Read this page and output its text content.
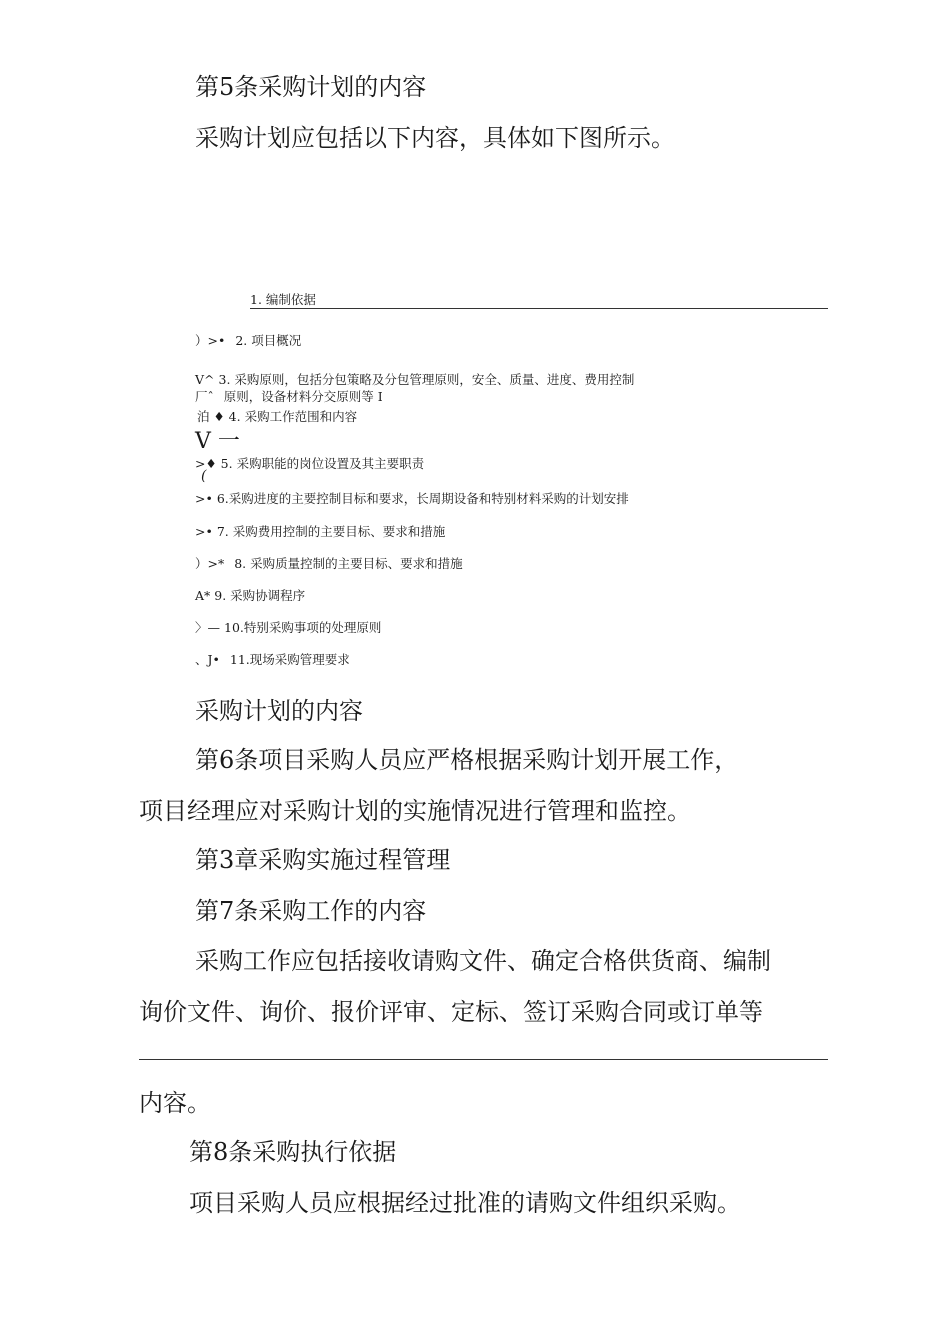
第5条采购计划的内容
采购计划应包括以下内容，具体如下图所示。
1. 编制依据
）>• 2. 项目概况
V^ 3. 采购原则，包括分包策略及分包管理原则，安全、质量、进度、费用控制
厂ˆ 原则，设备材料分交原则等 I
泊 ♦ 4. 采购工作范围和内容
V 一
>♦ 5. 采购职能的岗位设置及其主要职责
(
>• 6.采购进度的主要控制目标和要求，长周期设备和特别材料采购的计划安排
>• 7. 采购费用控制的主要目标、要求和措施
）>* 8. 采购质量控制的主要目标、要求和措施
A* 9. 采购协调程序
〉— 10.特别采购事项的处理原则
、J• 11.现场采购管理要求
采购计划的内容
第6条项目采购人员应严格根据采购计划开展工作，
项目经理应对采购计划的实施情况进行管理和监控。
第3章采购实施过程管理
第7条采购工作的内容
采购工作应包括接收请购文件、确定合格供货商、编制
询价文件、询价、报价评审、定标、签订采购合同或订单等
内容。
第8条采购执行依据
项目采购人员应根据经过批准的请购文件组织采购。
